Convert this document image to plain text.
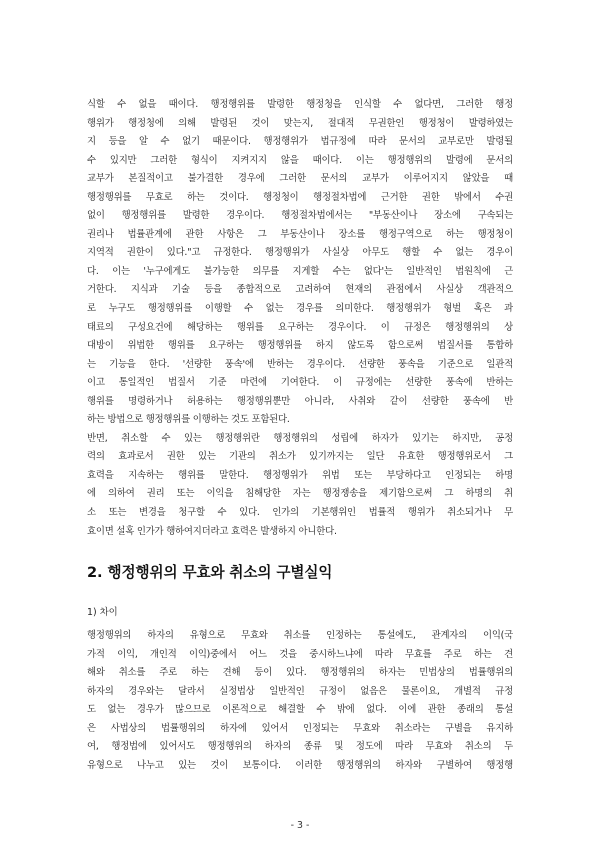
식할 수 없을 때이다. 행정행위를 발령한 행정청을 인식할 수 없다면, 그러한 행정
행위가 행정청에 의해 발령된 것이 맞는지, 절대적 무권한인 행정청이 발령하였는
지 등을 알 수 없기 때문이다. 행정행위가 법규정에 따라 문서의 교부로만 발령될
수 있지만 그러한 형식이 지켜지지 않을 때이다. 이는 행정행위의 발령에 문서의
교부가 본질적이고 불가결한 경우에 그러한 문서의 교부가 이루어지지 않았을 때
행정행위를 무효로 하는 것이다. 행정청이 행정절차법에 근거한 권한 밖에서 수권
없이 행정행위를 발령한 경우이다. 행정절차법에서는 "부동산이나 장소에 구속되는
권리나 법률관계에 관한 사항은 그 부동산이나 장소를 행정구역으로 하는 행정청이
지역적 권한이 있다."고 규정한다. 행정행위가 사실상 아무도 행할 수 없는 경우이
다. 이는 '누구에게도 불가능한 의무를 지게할 수는 없다'는 일반적인 법원칙에 근
거한다. 지식과 기술 등을 종합적으로 고려하여 현재의 관점에서 사실상 객관적으
로 누구도 행정행위를 이행할 수 없는 경우를 의미한다. 행정행위가 형벌 혹은 과
태료의 구성요건에 해당하는 행위를 요구하는 경우이다. 이 규정은 행정행위의 상
대방이 위법한 행위를 요구하는 행정행위를 하지 않도록 함으로써 법질서를 통합하
는 기능을 한다. '선량한 풍속'에 반하는 경우이다. 선량한 풍속을 기준으로 일관적
이고 통일적인 법질서 기준 마련에 기여한다. 이 규정에는 선량한 풍속에 반하는
행위를 명령하거나 허용하는 행정행위뿐만 아니라, 사취와 같이 선량한 풍속에 반
하는 방법으로 행정행위를 이행하는 것도 포함된다.
반면, 취소할 수 있는 행정행위란 행정행위의 성립에 하자가 있기는 하지만, 공정
력의 효과로서 권한 있는 기관의 취소가 있기까지는 일단 유효한 행정행위로서 그
효력을 지속하는 행위를 말한다. 행정행위가 위법 또는 부당하다고 인정되는 하명
에 의하여 권리 또는 이익을 침해당한 자는 행정쟁송을 제기함으로써 그 하명의 취
소 또는 변경을 청구할 수 있다. 인가의 기본행위인 법률적 행위가 취소되거나 무
효이면 설혹 인가가 행하여지더라고 효력은 발생하지 아니한다.
2. 행정행위의 무효와 취소의 구별실익
1) 차이
행정행위의 하자의 유형으로 무효와 취소를 인정하는 통설에도, 관계자의 이익(국
가적 이익, 개인적 이익)중에서 어느 것을 중시하느냐에 따라 무효를 주로 하는 견
해와 취소를 주로 하는 견해 등이 있다. 행정행위의 하자는 민법상의 법률행위의
하자의 경우와는 달라서 실정법상 일반적인 규정이 없음은 물론이요, 개별적 규정
도 없는 경우가 많으므로 이론적으로 해결할 수 밖에 없다. 이에 관한 종래의 통설
은 사법상의 법률행위의 하자에 있어서 인정되는 무효와 취소라는 구별을 유지하
여, 행정법에 있어서도 행정행위의 하자의 종류 및 정도에 따라 무효와 취소의 두
유형으로 나누고 있는 것이 보통이다. 이러한 행정행위의 하자와 구별하여 행정행
- 3 -
